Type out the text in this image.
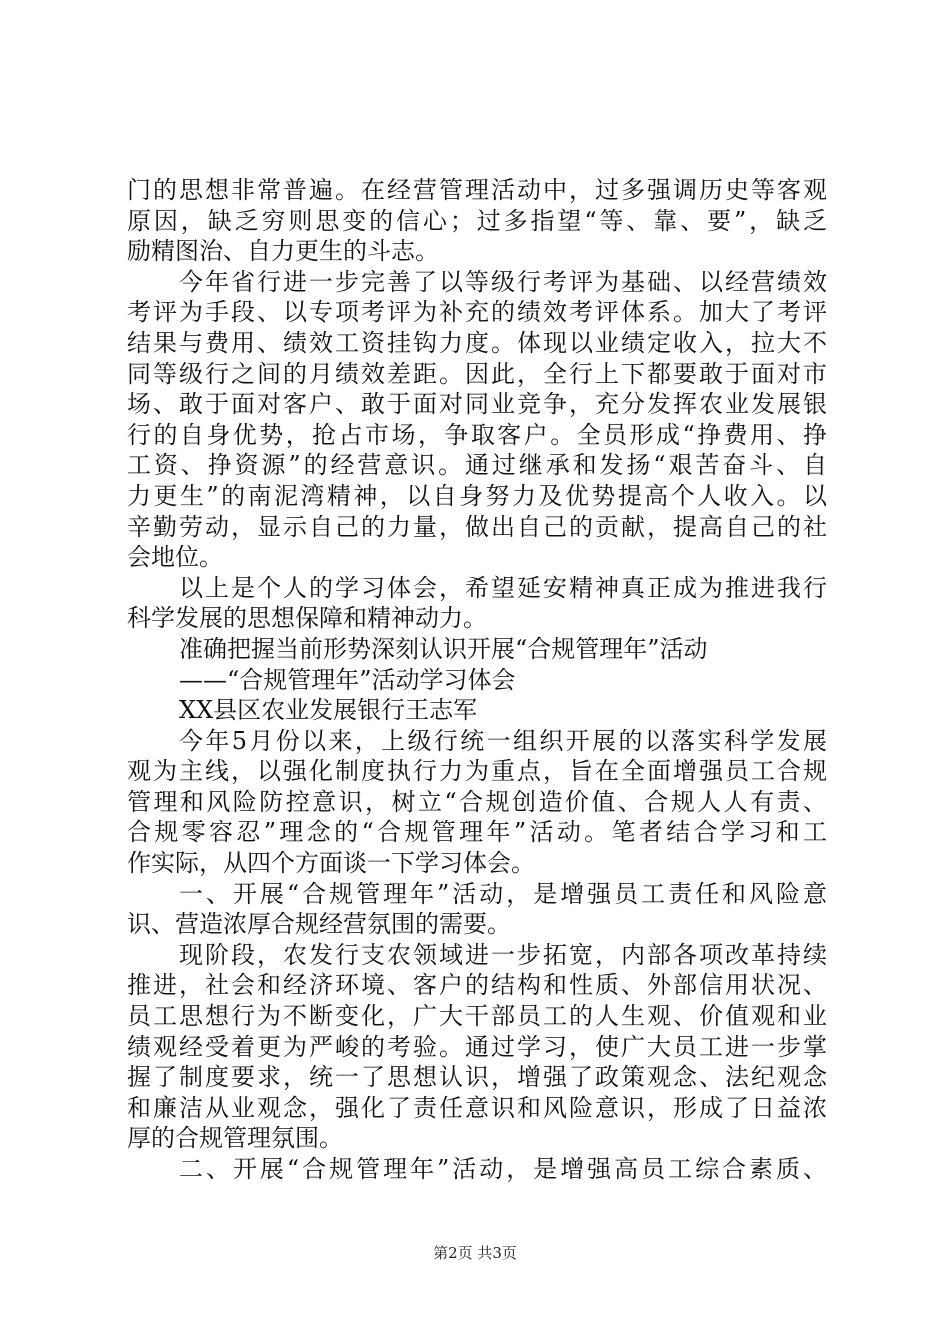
门的思想非常普遍。在经营管理活动中，过多强调历史等客观
原因，缺乏穷则思变的信心；过多指望“等、靠、要”，缺乏
励精图治、自力更生的斗志。
今年省行进一步完善了以等级行考评为基础、以经营绩效
考评为手段、以专项考评为补充的绩效考评体系。加大了考评
结果与费用、绩效工资挂钩力度。体现以业绩定收入，拉大不
同等级行之间的月绩效差距。因此，全行上下都要敢于面对市
场、敢于面对客户、敢于面对同业竞争，充分发挥农业发展银
行的自身优势，抢占市场，争取客户。全员形成“挣费用、挣
工资、挣资源”的经营意识。通过继承和发扬“艰苦奋斗、自
力更生”的南泥湾精神，以自身努力及优势提高个人收入。以
辛勤劳动，显示自己的力量，做出自己的贡献，提高自己的社
会地位。
以上是个人的学习体会，希望延安精神真正成为推进我行
科学发展的思想保障和精神动力。
准确把握当前形势深刻认识开展“合规管理年”活动
——“合规管理年”活动学习体会
XX县区农业发展银行王志军
今年5月份以来，上级行统一组织开展的以落实科学发展
观为主线，以强化制度执行力为重点，旨在全面增强员工合规
管理和风险防控意识，树立“合规创造价值、合规人人有责、
合规零容忍”理念的“合规管理年”活动。笔者结合学习和工
作实际，从四个方面谈一下学习体会。
一、开展“合规管理年”活动，是增强员工责任和风险意
识、营造浓厚合规经营氛围的需要。
现阶段，农发行支农领域进一步拓宽，内部各项改革持续
推进，社会和经济环境、客户的结构和性质、外部信用状况、
员工思想行为不断变化，广大干部员工的人生观、价值观和业
绩观经受着更为严峻的考验。通过学习，使广大员工进一步掌
握了制度要求，统一了思想认识，增强了政策观念、法纪观念
和廉洁从业观念，强化了责任意识和风险意识，形成了日益浓
厚的合规管理氛围。
二、开展“合规管理年”活动，是增强高员工综合素质、
第2页 共3页
